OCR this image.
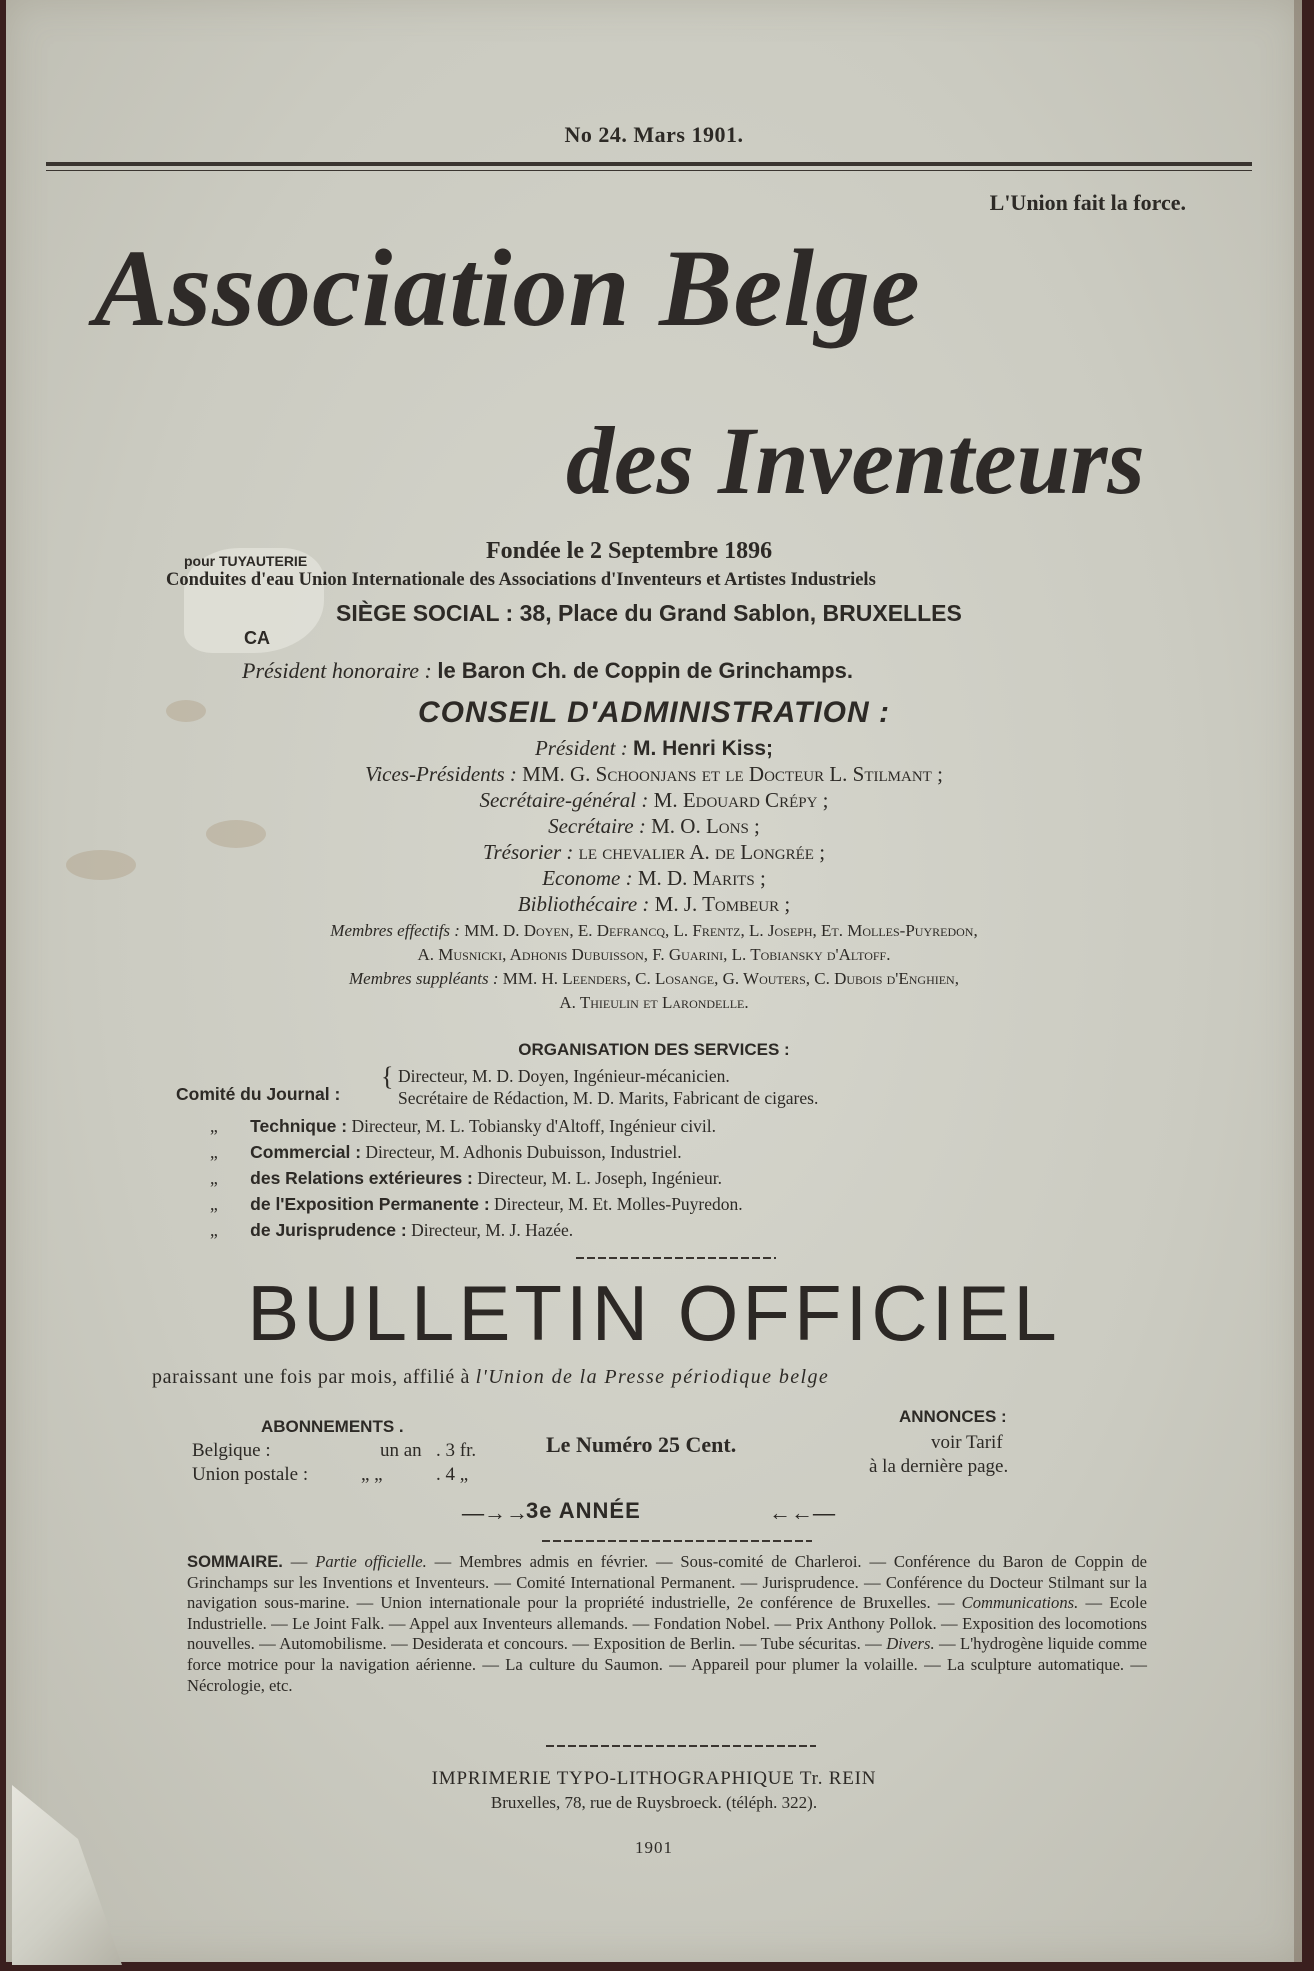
No 24. Mars 1901.
L'Union fait la force.
Association Belge
des Inventeurs
Fondée le 2 Septembre 1896
pour TUYAUTERIE
Conduites d'eau Union Internationale des Associations d'Inventeurs et Artistes Industriels
CA
SIÈGE SOCIAL : 38, Place du Grand Sablon, BRUXELLES
Président honoraire : le Baron Ch. de Coppin de Grinchamps.
CONSEIL D'ADMINISTRATION :
Président : M. Henri Kiss;
Vices-Présidents : MM. G. Schoonjans et le Docteur L. Stilmant ;
Secrétaire-général : M. Edouard Crépy ;
Secrétaire : M. O. Lons ;
Trésorier : le chevalier A. de Longrée ;
Econome : M. D. Marits ;
Bibliothécaire : M. J. Tombeur ;
Membres effectifs : MM. D. Doyen, E. Defrancq, L. Frentz, L. Joseph, Et. Molles-Puyredon,
A. Musnicki, Adhonis Dubuisson, F. Guarini, L. Tobiansky d'Altoff.
Membres suppléants : MM. H. Leenders, C. Losange, G. Wouters, C. Dubois d'Enghien,
A. Thieulin et Larondelle.
ORGANISATION DES SERVICES :
Comité du Journal :
{ Directeur, M. D. Doyen, Ingénieur-mécanicien.
Secrétaire de Rédaction, M. D. Marits, Fabricant de cigares.
„ Technique : Directeur, M. L. Tobiansky d'Altoff, Ingénieur civil.
„ Commercial : Directeur, M. Adhonis Dubuisson, Industriel.
„ des Relations extérieures : Directeur, M. L. Joseph, Ingénieur.
„ de l'Exposition Permanente : Directeur, M. Et. Molles-Puyredon.
„ de Jurisprudence : Directeur, M. J. Hazée.
BULLETIN OFFICIEL
paraissant une fois par mois, affilié à l'Union de la Presse périodique belge
ABONNEMENTS .
Belgique :	un an . 3 fr.
Union postale :	„ „	. 4 „
Le Numéro 25 Cent.
ANNONCES :
voir Tarif
à la dernière page.
—→→
3e ANNÉE	←←—
SOMMAIRE. — Partie officielle. — Membres admis en février. — Sous-comité de Charleroi. — Conférence du Baron de Coppin de Grinchamps sur les Inventions et Inventeurs. — Comité International Permanent. — Jurisprudence. — Conférence du Docteur Stilmant sur la navigation sous-marine. — Union internationale pour la propriété industrielle, 2e conférence de Bruxelles. — Communications. — Ecole Industrielle. — Le Joint Falk. — Appel aux Inventeurs allemands. — Fondation Nobel. — Prix Anthony Pollok. — Exposition des locomotions nouvelles. — Automobilisme. — Desiderata et concours. — Exposition de Berlin. — Tube sécuritas. — Divers. — L'hydrogène liquide comme force motrice pour la navigation aérienne. — La culture du Saumon. — Appareil pour plumer la volaille. — La sculpture automatique. — Nécrologie, etc.
IMPRIMERIE TYPO-LITHOGRAPHIQUE Tr. REIN
Bruxelles, 78, rue de Ruysbroeck. (téléph. 322).
1901
